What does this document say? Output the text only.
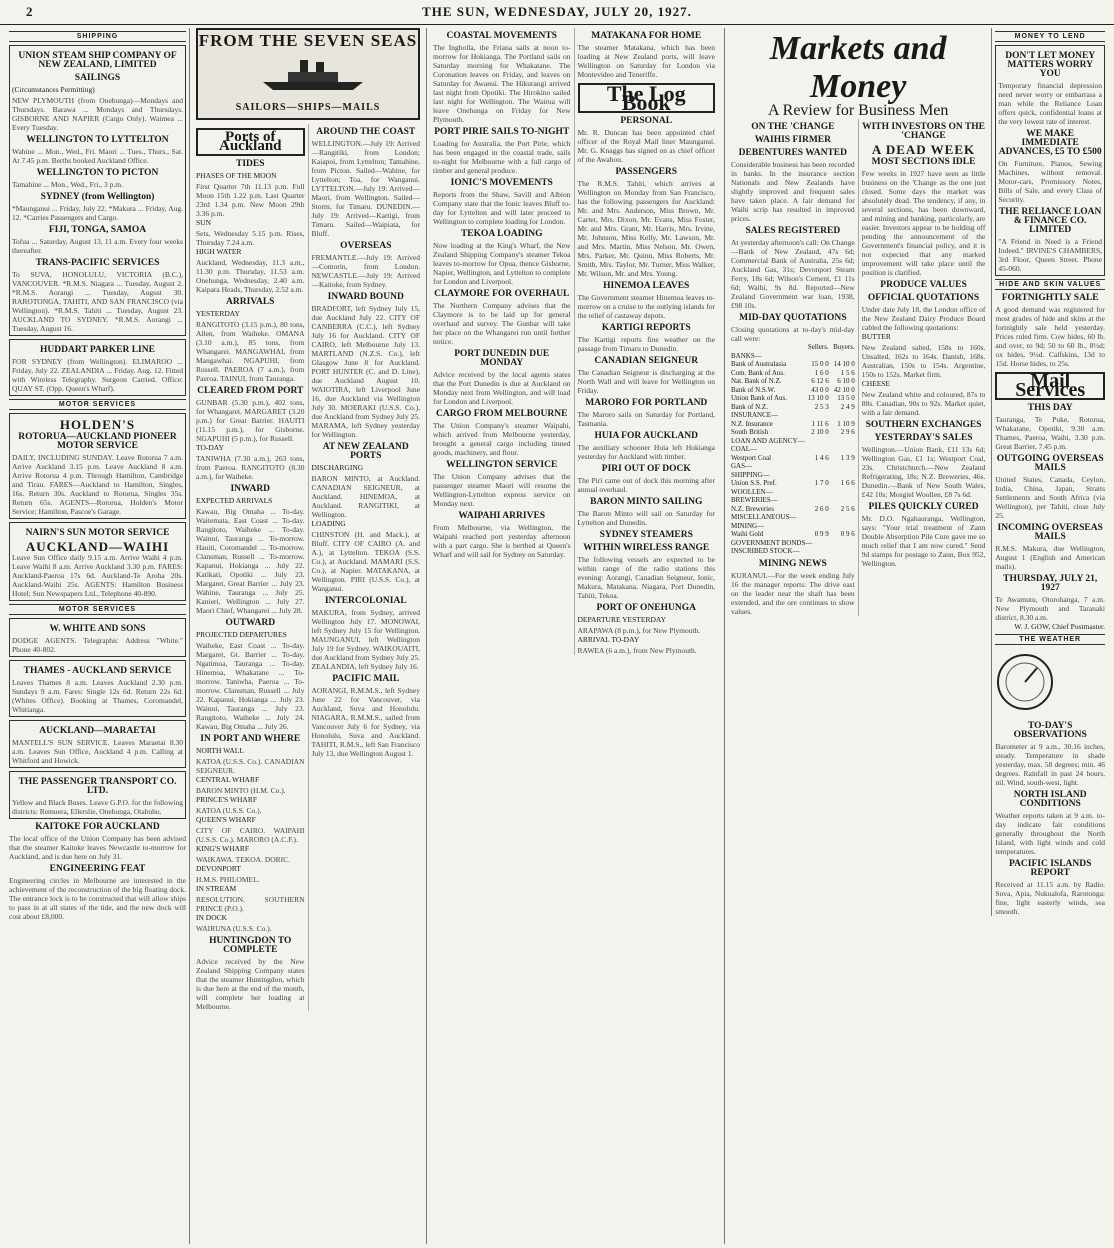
2	THE SUN, WEDNESDAY, JULY 20, 1927.
SHIPPING
UNION STEAM SHIP COMPANY OF NEW ZEALAND, LIMITED
SAILINGS
(Circumstances Permitting)
NEW PLYMOUTH (from Onehunga)—Mondays and Thursdays. Barawa ... Mondays and Thursdays. GISBORNE AND NAPIER (Cargo Only). Waimea ... Every Tuesday.
WELLINGTON TO LYTTELTON
Wahine ... Mon., Wed., Fri. Maori ... Tues., Thurs., Sat. At 7.45 p.m. Berths booked Auckland Office.
WELLINGTON TO PICTON
Tamahine ... Mon., Wed., Fri., 3 p.m.
SYDNEY (from Wellington)
*Maunganui ... Friday, July 22. *Makura ... Friday, Aug. 12. *Carries Passengers and Cargo.
FIJI, TONGA, SAMOA
Tofua ... Saturday, August 13, 11 a.m. Every four weeks thereafter.
TRANS-PACIFIC SERVICES
To SUVA, HONOLULU, VICTORIA (B.C.), VANCOUVER. *R.M.S. Niagara ... Tuesday, August 2. *R.M.S. Aorangi ... Tuesday, August 30. RAROTONGA, TAHITI, AND SAN FRANCISCO (via Wellington). *R.M.S. Tahiti ... Tuesday, August 23. AUCKLAND TO SYDNEY. *R.M.S. Aorangi ... Tuesday, August 16.
HUDDART PARKER LINE
FOR SYDNEY (from Wellington). ELIMAROO ... Friday, July 22. ZEALANDIA ... Friday, Aug. 12. Fitted with Wireless Telegraphy. Surgeon Carried. Office: QUAY ST. (Opp. Queen's Wharf).
MOTOR SERVICES
HOLDEN'S
ROTORUA—AUCKLAND PIONEER MOTOR SERVICE
DAILY, INCLUDING SUNDAY. Leave Rotorua 7 a.m. Arrive Auckland 3.15 p.m. Leave Auckland 8 a.m. Arrive Rotorua 4 p.m. Through Hamilton, Cambridge and Tirau. FARES—Auckland to Hamilton, Singles, 16s. Return 30s. Auckland to Rotorua, Singles 35s. Return 65s. AGENTS—Rotorua, Holden's Motor Service; Hamilton, Pascoe's Garage.
NAIRN'S SUN MOTOR SERVICE
AUCKLAND—WAIHI
Leave Sun Office daily 9.15 a.m. Arrive Waihi 4 p.m. Leave Waihi 8 a.m. Arrive Auckland 3.30 p.m. FARES: Auckland-Paeroa 17s 6d. Auckland-Te Aroha 20s. Auckland-Waihi 25s. AGENTS: Hamilton Business Hotel; Sun Newspapers Ltd., Telephone 40-890.
MOTOR SERVICES
W. WHITE AND SONS
DODGE AGENTS. Telegraphic Address "White." Phone 40-802.
THAMES - AUCKLAND SERVICE
Leaves Thames 8 a.m. Leaves Auckland 2.30 p.m. Sundays 9 a.m. Fares: Single 12s 6d. Return 22s 6d. (Whites Office). Booking at Thames, Coromandel, Whitianga.
AUCKLAND—MARAETAI
MANTELL'S SUN SERVICE. Leaves Maraetai 8.30 a.m. Leaves Sun Office, Auckland 4 p.m. Calling at Whitford and Howick.
THE PASSENGER TRANSPORT CO. LTD.
Yellow and Black Buses. Leave G.P.O. for the following districts: Remuera, Ellerslie, Onehunga, Otahuhu.
KAITOKE FOR AUCKLAND
The local office of the Union Company has been advised that the steamer Kaitoke leaves Newcastle to-morrow for Auckland, and is due here on July 31.
ENGINEERING FEAT
Engineering circles in Melbourne are interested in the achievement of the reconstruction of the big floating dock. The entrance lock is to be constructed that will allow ships to pass in at all states of the tide, and the new dock will cost about £8,000.
FROM THE SEVEN SEAS
SAILORS—SHIPS—MAILS
Ports of Auckland
TIDES
PHASES OF THE MOON
First Quarter 7th 11.13 p.m. Full Moon 15th 1.22 p.m. Last Quarter 23rd 1.34 p.m. New Moon 29th 3.36 p.m.
SUN
Sets, Wednesday 5.15 p.m. Rises, Thursday 7.24 a.m.
HIGH WATER
Auckland, Wednesday, 11.3 a.m., 11.30 p.m. Thursday, 11.53 a.m. Onehunga, Wednesday, 2.40 a.m. Kaipara Heads, Thursday, 2.52 a.m.
ARRIVALS
YESTERDAY
RANGITOTO (3.15 p.m.), 80 tons, Allen, from Waiheke. OMANA (3.10 a.m.), 85 tons, from Whangarei. MANGAWHAI, from Mangawhai. NGAPUHI, from Russell. PAEROA (7 a.m.), from Paeroa. TAINUI, from Tauranga.
CLEARED FROM PORT
GUNBAR (5.30 p.m.), 402 tons, for Whangarei. MARGARET (3.20 p.m.) for Great Barrier. HAUITI (11.15 p.m.), for Gisborne. NGAPUHI (5 p.m.), for Russell.
TO-DAY
TANIWHA (7.30 a.m.), 263 tons, from Paeroa. RANGITOTO (8.30 a.m.), for Waiheke.
INWARD
EXPECTED ARRIVALS
Kawau, Big Omaha ... To-day. Waitemata, East Coast ... To-day. Rangitoto, Waiheke ... To-day. Wainui, Tauranga ... To-morrow. Hauiti, Coromandel ... To-morrow. Clansman, Russell ... To-morrow. Kapanui, Hokianga ... July 22. Katikati, Opotiki ... July 23. Margaret, Great Barrier ... July 23. Wahine, Tauranga ... July 25. Kanieri, Wellington ... July 27. Maori Chief, Whangarei ... July 28.
OUTWARD
PROJECTED DEPARTURES
Waiheke, East Coast ... To-day. Margaret, Gt. Barrier ... To-day. Ngatimoa, Tauranga ... To-day. Hinemoa, Whakatane ... To-morrow. Taniwha, Paeroa ... To-morrow. Clansman, Russell ... July 22. Kapanui, Hokianga ... July 23. Wainui, Tauranga ... July 23. Rangitoto, Waiheke ... July 24. Kawau, Big Omaha ... July 26.
IN PORT AND WHERE
NORTH WALL
KATOA (U.S.S. Co.). CANADIAN SEIGNEUR.
CENTRAL WHARF
BARON MINTO (H.M. Co.).
PRINCE'S WHARF
KATOA (U.S.S. Co.).
QUEEN'S WHARF
CITY OF CAIRO. WAIPAHI (U.S.S. Co.). MARORO (A.C.F.).
KING'S WHARF
WAIKAWA. TEKOA. DORIC.
DEVONPORT
H.M.S. PHILOMEL.
IN STREAM
RESOLUTION. SOUTHERN PRINCE (P.O.).
IN DOCK
WAIRUNA (U.S.S. Co.).
HUNTINGDON TO COMPLETE
Advice received by the New Zealand Shipping Company states that the steamer Huntingdon, which is due here at the end of the month, will complete her loading at Melbourne.
AROUND THE COAST
WELLINGTON.—July 19: Arrived—Rangitiki, from London; Kaiapoi, from Lyttelton; Tamahine, from Picton. Sailed—Wahine, for Lyttelton; Toa, for Wanganui. LYTTELTON.—July 19: Arrived—Maori, from Wellington. Sailed—Storm, for Timaru. DUNEDIN.—July 19: Arrived—Kartigi, from Timaru. Sailed—Waipiata, for Bluff.
OVERSEAS
FREMANTLE.—July 19: Arrived—Comorin, from London. NEWCASTLE.—July 19: Arrived—Kaitoke, from Sydney.
INWARD BOUND
BRADFORT, left Sydney July 15, due Auckland July 22. CITY OF CANBERRA (C.C.), left Sydney July 16 for Auckland. CITY OF CAIRO, left Melbourne July 13. MARTLAND (N.Z.S. Co.), left Glasgow June 8 for Auckland. PORT HUNTER (C. and D. Line), due Auckland August 10. WAIOTIRA, left Liverpool June 16, due Auckland via Wellington July 30. MOERAKI (U.S.S. Co.), due Auckland from Sydney July 25. MARAMA, left Sydney yesterday for Wellington.
AT NEW ZEALAND PORTS
DISCHARGING
BARON MINTO, at Auckland. CANADIAN SEIGNEUR, at Auckland. HINEMOA, at Auckland. RANGITIKI, at Wellington.
LOADING
CHINSTON (H. and Mack.), at Bluff. CITY OF CAIRO (A. and A.), at Lyttelton. TEKOA (S.S. Co.), at Auckland. MAMARI (S.S. Co.), at Napier. MATAKANA, at Wellington. PIRI (U.S.S. Co.), at Wanganui.
INTERCOLONIAL
MAKURA, from Sydney, arrived Wellington July 17. MONOWAI, left Sydney July 15 for Wellington. MAUNGANUI, left Wellington July 19 for Sydney. WAIKOUAITI, due Auckland from Sydney July 25. ZEALANDIA, left Sydney July 16.
PACIFIC MAIL
AORANGI, R.M.M.S., left Sydney June 22 for Vancouver, via Auckland, Suva and Honolulu. NIAGARA, R.M.M.S., sailed from Vancouver July 6 for Sydney, via Honolulu, Suva and Auckland. TAHITI, R.M.S., left San Francisco July 13, due Wellington August 1.
COASTAL MOVEMENTS
The Ingholla, the Friana sails at noon to-morrow for Hokianga. The Portland sails on Saturday morning for Whakatane. The Coronation leaves on Friday, and leaves on Saturday for Awanui. The Hikurangi arrived last night from Opotiki. The Hirokino sailed last night for Wellington. The Wairua will leave Onehunga on Friday for New Plymouth.
PORT PIRIE SAILS TO-NIGHT
Loading for Australia, the Port Pirie, which has been engaged in the coastal trade, sails to-night for Melbourne with a full cargo of timber and general produce.
IONIC'S MOVEMENTS
Reports from the Shaw, Savill and Albion Company state that the Ionic leaves Bluff to-day for Lyttelton and will later proceed to Wellington to complete loading for London.
TEKOA LOADING
Now loading at the King's Wharf, the New Zealand Shipping Company's steamer Tekoa leaves to-morrow for Opua, thence Gisborne, Napier, Wellington, and Lyttelton to complete for London and Liverpool.
CLAYMORE FOR OVERHAUL
The Northern Company advises that the Claymore is to be laid up for general overhaul and survey. The Gunbar will take her place on the Whangarei run until further notice.
PORT DUNEDIN DUE MONDAY
Advice received by the local agents states that the Port Dunedin is due at Auckland on Monday next from Wellington, and will load for London and Liverpool.
CARGO FROM MELBOURNE
The Union Company's steamer Waipahi, which arrived from Melbourne yesterday, brought a general cargo including tinned goods, machinery, and flour.
WELLINGTON SERVICE
The Union Company advises that the passenger steamer Maori will resume the Wellington-Lyttelton express service on Monday next.
WAIPAHI ARRIVES
From Melbourne, via Wellington, the Waipahi reached port yesterday afternoon with a part cargo. She is berthed at Queen's Wharf and will sail for Sydney on Saturday.
MATAKANA FOR HOME
The steamer Matakana, which has been loading at New Zealand ports, will leave Wellington on Saturday for London via Montevideo and Teneriffe.
The Log Book
PERSONAL
Mr. R. Duncan has been appointed chief officer of the Royal Mail liner Maunganui. Mr. G. Knaggs has signed on as chief officer of the Awahou.
PASSENGERS
The R.M.S. Tahiti, which arrives at Wellington on Monday from San Francisco, has the following passengers for Auckland: Mr. and Mrs. Anderson, Miss Brown, Mr. Carter, Mrs. Dixon, Mr. Evans, Miss Foster, Mr. and Mrs. Grant, Mr. Harris, Mrs. Irvine, Mr. Johnson, Miss Kelly, Mr. Lawson, Mr. and Mrs. Martin, Miss Nelson, Mr. Owen, Mrs. Parker, Mr. Quinn, Miss Roberts, Mr. Smith, Mrs. Taylor, Mr. Turner, Miss Walker, Mr. Wilson, Mr. and Mrs. Young.
HINEMOA LEAVES
The Government steamer Hinemoa leaves to-morrow on a cruise to the outlying islands for the relief of castaway depots.
KARTIGI REPORTS
The Kartigi reports fine weather on the passage from Timaru to Dunedin.
CANADIAN SEIGNEUR
The Canadian Seigneur is discharging at the North Wall and will leave for Wellington on Friday.
MARORO FOR PORTLAND
The Maroro sails on Saturday for Portland, Tasmania.
HUIA FOR AUCKLAND
The auxiliary schooner Huia left Hokianga yesterday for Auckland with timber.
PIRI OUT OF DOCK
The Piri came out of dock this morning after annual overhaul.
BARON MINTO SAILING
The Baron Minto will sail on Saturday for Lyttelton and Dunedin.
SYDNEY STEAMERS
WITHIN WIRELESS RANGE
The following vessels are expected to be within range of the radio stations this evening: Aorangi, Canadian Seigneur, Ionic, Makura, Matakana, Niagara, Port Dunedin, Tahiti, Tekoa.
PORT OF ONEHUNGA
DEPARTURE YESTERDAY
ARAPAWA (8 p.m.), for New Plymouth.
ARRIVAL TO-DAY
RAWEA (6 a.m.), from New Plymouth.
Markets and Money
A Review for Business Men
ON THE 'CHANGE
WAIHIS FIRMER
DEBENTURES WANTED
Considerable business has been recorded in banks. In the insurance section Nationals and New Zealands have slightly improved and frequent sales have taken place. A fair demand for Waihi scrip has resulted in improved prices.
SALES REGISTERED
At yesterday afternoon's call: On Change—Bank of New Zealand, 47s 6d; Commercial Bank of Australia, 25s 6d; Auckland Gas, 31s; Devonport Steam Ferry, 18s 6d; Wilson's Cement, £1 11s 6d; Waihi, 9s 8d. Reported—New Zealand Government war loan, 1938, £98 10s.
MID-DAY QUOTATIONS
Closing quotations at to-day's mid-day call were:
	Sellers.	Buyers.
BANKS—		
Bank of Australasia	15 0 0	14 10 0
Com. Bank of Aus.	1 6 0	1 5 6
Nat. Bank of N.Z.	6 12 6	6 10 0
Bank of N.S.W.	43 0 0	42 10 0
Union Bank of Aus.	13 10 0	13 5 0
Bank of N.Z.	2 5 3	2 4 9
INSURANCE—		
N.Z. Insurance	1 11 6	1 10 9
South British	2 10 0	2 9 6
LOAN AND AGENCY—		
COAL—		
Westport Coal	1 4 6	1 3 9
GAS—		
SHIPPING—		
Union S.S. Pref.	1 7 0	1 6 6
WOOLLEN—		
BREWERIES—		
N.Z. Breweries	2 6 0	2 5 6
MISCELLANEOUS—		
MINING—		
Waihi Gold	0 9 9	0 9 6
GOVERNMENT BONDS—		
INSCRIBED STOCK—		
MINING NEWS
KURANUI.—For the week ending July 16 the manager reports: The drive east on the leader near the shaft has been extended, and the ore continues to show values.
WITH INVESTORS ON THE 'CHANGE
A DEAD WEEK
MOST SECTIONS IDLE
Few weeks in 1927 have seen as little business on the 'Change as the one just closed. Some days the market was absolutely dead. The tendency, if any, in several sections, has been downward, and mining and banking, particularly, are easier. Investors appear to be holding off pending the announcement of the Government's financial policy, and it is not expected that any marked improvement will take place until the position is clarified.
PRODUCE VALUES
OFFICIAL QUOTATIONS
Under date July 18, the London office of the New Zealand Dairy Produce Board cabled the following quotations:
BUTTER
New Zealand salted, 158s to 160s. Unsalted, 162s to 164s. Danish, 168s. Australian, 150s to 154s. Argentine, 150s to 152s. Market firm.
CHEESE
New Zealand white and coloured, 87s to 88s. Canadian, 90s to 92s. Market quiet, with a fair demand.
SOUTHERN EXCHANGES
YESTERDAY'S SALES
Wellington.—Union Bank, £11 13s 6d; Wellington Gas, £1 1s; Westport Coal, 23s. Christchurch.—New Zealand Refrigerating, 18s; N.Z. Breweries, 46s. Dunedin.—Bank of New South Wales, £42 10s; Mosgiel Woollen, £8 7s 6d.
PILES QUICKLY CURED
Mr. D.O. Ngahauranga, Wellington, says: "Your trial treatment of Zann Double Absorption Pile Cure gave me so much relief that I am now cured." Send 9d stamps for postage to Zann, Box 952, Wellington.
MONEY TO LEND
DON'T LET MONEY MATTERS WORRY YOU
Temporary financial depression need never worry or embarrass a man while the Reliance Loan offers quick, confidential loans at the very lowest rate of interest.
WE MAKE IMMEDIATE ADVANCES, £5 TO £500
On Furniture, Pianos, Sewing Machines, without removal. Motor-cars, Promissory Notes, Bills of Sale, and every Class of Security.
THE RELIANCE LOAN & FINANCE CO. LIMITED
"A Friend in Need is a Friend Indeed." IRVINE'S CHAMBERS, 3rd Floor, Queen Street. Phone 45-060.
HIDE AND SKIN VALUES
FORTNIGHTLY SALE
A good demand was registered for most grades of hide and skins at the fortnightly sale held yesterday. Prices ruled firm. Cow hides, 60 lb. and over, to 9d; 50 to 60 lb., 8½d; ox hides, 9½d. Calfskins, 13d to 15d. Horse hides, to 25s.
Mail Services
THIS DAY
Tauranga, Te Puke, Rotorua, Whakatane, Opotiki, 9.30 a.m. Thames, Paeroa, Waihi, 3.30 p.m. Great Barrier, 7.45 p.m.
OUTGOING OVERSEAS MAILS
United States, Canada, Ceylon, India, China, Japan, Straits Settlements and South Africa (via Wellington), per Tahiti, close July 25.
INCOMING OVERSEAS MAILS
R.M.S. Makura, due Wellington, August 1 (English and American mails).
THURSDAY, JULY 21, 1927
Te Awamutu, Otorohanga, 7 a.m. New Plymouth and Taranaki district, 8.30 a.m.
W. J. GOW, Chief Postmaster.
THE WEATHER
TO-DAY'S OBSERVATIONS
Barometer at 9 a.m., 30.16 inches, steady. Temperature in shade yesterday, max. 58 degrees; min. 46 degrees. Rainfall in past 24 hours, nil. Wind, south-west, light.
NORTH ISLAND CONDITIONS
Weather reports taken at 9 a.m. to-day indicate fair conditions generally throughout the North Island, with light winds and cold temperatures.
PACIFIC ISLANDS REPORT
Received at 11.15 a.m. by Radio. Suva, Apia, Nukualofa, Rarotonga: fine, light easterly winds, sea smooth.
